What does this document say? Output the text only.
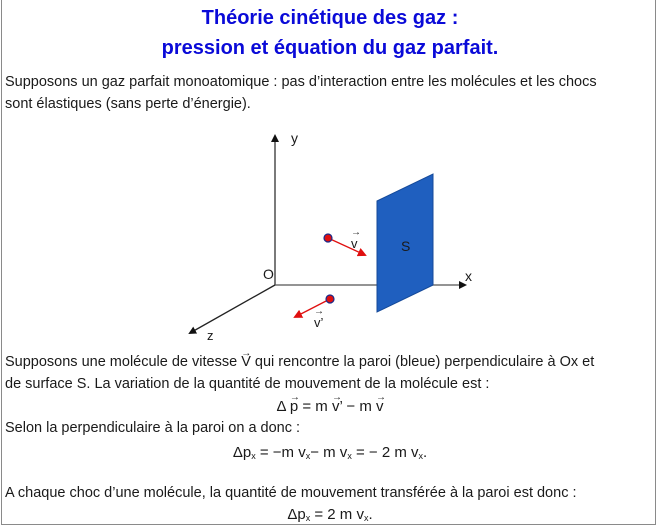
Théorie cinétique des gaz :
pression et équation du gaz parfait.
Supposons un gaz parfait monoatomique : pas d’interaction entre les molécules et les chocs
sont élastiques (sans perte d’énergie).
y
x
z
O
S
→ v
→ v’
Supposons une molécule de vitesse → V qui rencontre la paroi (bleue) perpendiculaire à Ox et
de surface S. La variation de la quantité de mouvement de la molécule est :
Δ → p = m → v’ − m → v
Selon la perpendiculaire à la paroi on a donc :
$\Delta p_x = -m$ $v_x- m$ $v_x$ = − 2 m $v_x$.
A chaque choc d’une molécule, la quantité de mouvement transférée à la paroi est donc :
$\Delta p_x = 2$ m $v_x$.
